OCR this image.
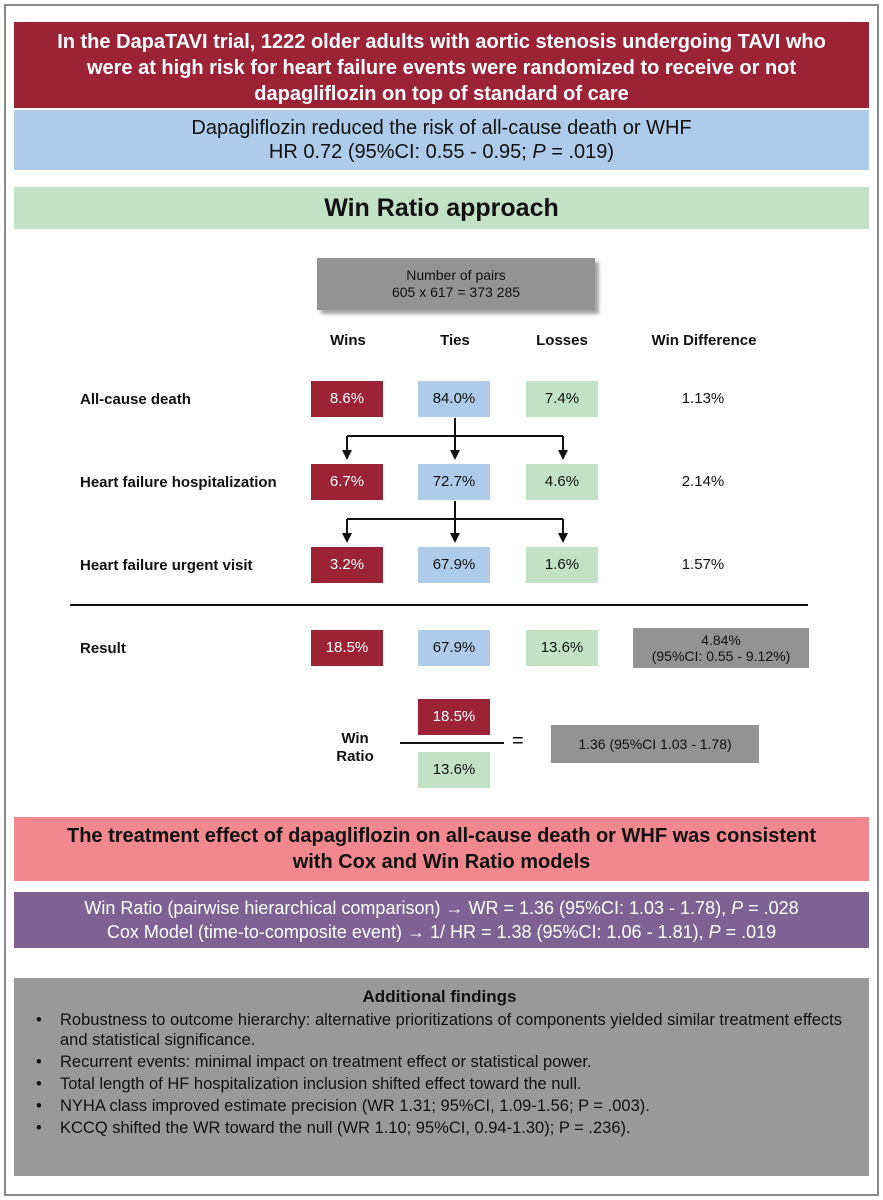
In the DapaTAVI trial, 1222 older adults with aortic stenosis undergoing TAVI who
were at high risk for heart failure events were randomized to receive or not
dapagliflozin on top of standard of care
Dapagliflozin reduced the risk of all-cause death or WHF
HR 0.72 (95%CI: 0.55 - 0.95; P = .019)
Win Ratio approach
Number of pairs
605 x 617 = 373 285
Wins	Ties	Losses	Win Difference
All-cause death	8.6%	84.0%	7.4%	1.13%
Heart failure hospitalization	6.7%	72.7%	4.6%	2.14%
Heart failure urgent visit	3.2%	67.9%	1.6%	1.57%
Result	18.5%	67.9%	13.6%	4.84%
(95%CI: 0.55 - 9.12%)
Win
Ratio
18.5%
13.6%
=	1.36 (95%CI 1.03 - 1.78)
The treatment effect of dapagliflozin on all-cause death or WHF was consistent
with Cox and Win Ratio models
Win Ratio (pairwise hierarchical comparison) → WR = 1.36 (95%CI: 1.03 - 1.78), P = .028
Cox Model (time-to-composite event) → 1/ HR = 1.38 (95%CI: 1.06 - 1.81), P = .019
Additional findings
• Robustness to outcome hierarchy: alternative prioritizations of components yielded similar treatment effects and statistical significance.
• Recurrent events: minimal impact on treatment effect or statistical power.
• Total length of HF hospitalization inclusion shifted effect toward the null.
• NYHA class improved estimate precision (WR 1.31; 95%CI, 1.09-1.56; P = .003).
• KCCQ shifted the WR toward the null (WR 1.10; 95%CI, 0.94-1.30); P = .236).
